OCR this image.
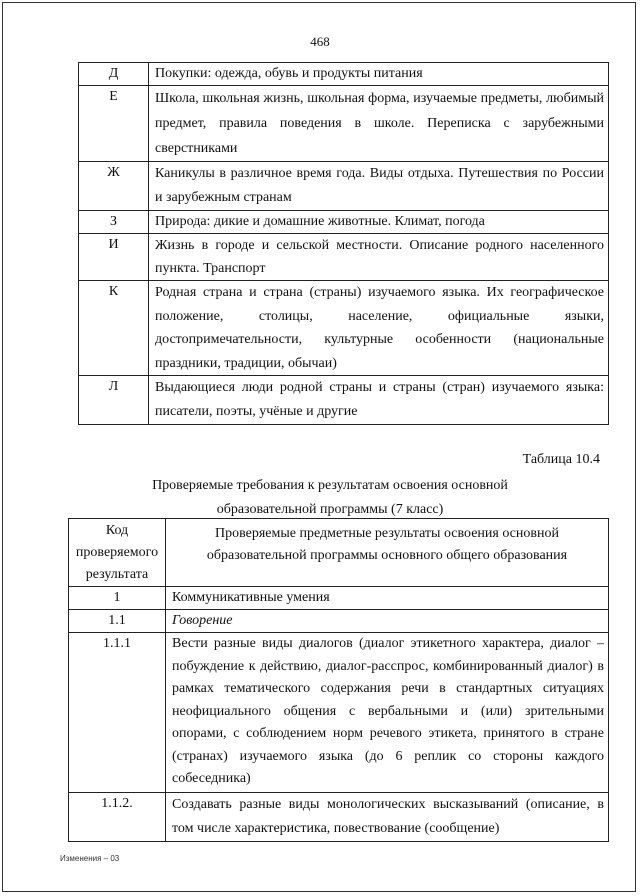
468
Д	Покупки: одежда, обувь и продукты питания
Е	Школа, школьная жизнь, школьная форма, изучаемые предметы, любимый предмет, правила поведения в школе. Переписка с зарубежными сверстниками
Ж	Каникулы в различное время года. Виды отдыха. Путешествия по России и зарубежным странам
З	Природа: дикие и домашние животные. Климат, погода
И	Жизнь в городе и сельской местности. Описание родного населенного пункта. Транспорт
К	Родная страна и страна (страны) изучаемого языка. Их географическое положение, столицы, население, официальные языки, достопримечательности, культурные особенности (национальные праздники, традиции, обычаи)
Л	Выдающиеся люди родной страны и страны (стран) изучаемого языка: писатели, поэты, учёные и другие
Таблица 10.4
Проверяемые требования к результатам освоения основной
образовательной программы (7 класс)
Код проверяемого результата	Проверяемые предметные результаты освоения основной образовательной программы основного общего образования
1	Коммуникативные умения
1.1	Говорение
1.1.1	Вести разные виды диалогов (диалог этикетного характера, диалог – побуждение к действию, диалог-расспрос, комбинированный диалог) в рамках тематического содержания речи в стандартных ситуациях неофициального общения с вербальными и (или) зрительными опорами, с соблюдением норм речевого этикета, принятого в стране (странах) изучаемого языка (до 6 реплик со стороны каждого собеседника)
1.1.2.	Создавать разные виды монологических высказываний (описание, в том числе характеристика, повествование (сообщение)
Изменения – 03
